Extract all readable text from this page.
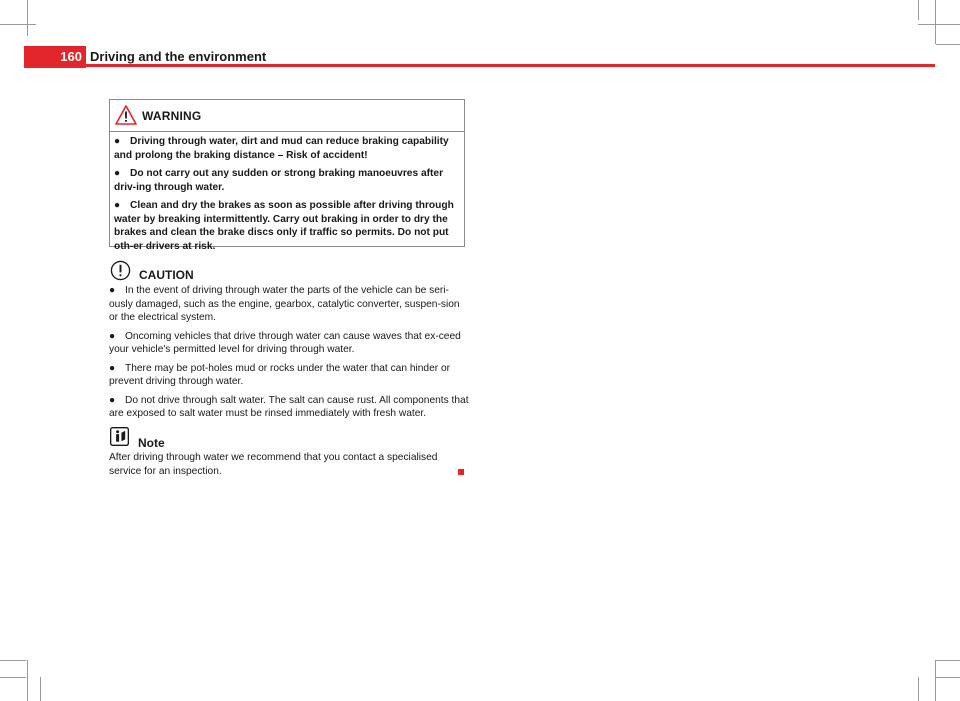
160 Driving and the environment
WARNING

● Driving through water, dirt and mud can reduce braking capability and prolong the braking distance – Risk of accident!

● Do not carry out any sudden or strong braking manoeuvres after driv-ing through water.

● Clean and dry the brakes as soon as possible after driving through water by breaking intermittently. Carry out braking in order to dry the brakes and clean the brake discs only if traffic so permits. Do not put oth-er drivers at risk.

CAUTION

● In the event of driving through water the parts of the vehicle can be seri-ously damaged, such as the engine, gearbox, catalytic converter, suspen-sion or the electrical system.

● Oncoming vehicles that drive through water can cause waves that ex-ceed your vehicle's permitted level for driving through water.

● There may be pot-holes mud or rocks under the water that can hinder or prevent driving through water.

● Do not drive through salt water. The salt can cause rust. All components that are exposed to salt water must be rinsed immediately with fresh water.

Note

After driving through water we recommend that you contact a specialised service for an inspection.
